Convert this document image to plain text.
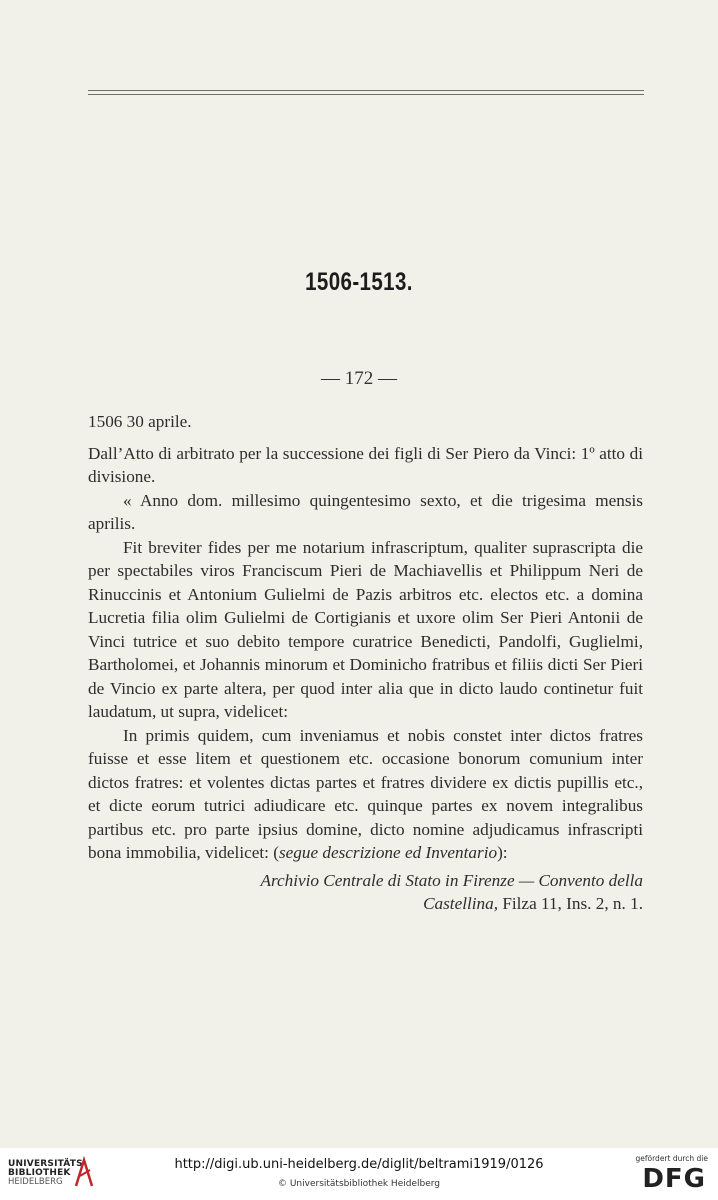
1506-1513.
— 172 —

1506 30 aprile.

Dall’Atto di arbitrato per la successione dei figli di Ser Piero da Vinci: 1º atto di divisione.

« Anno dom. millesimo quingentesimo sexto, et die trigesima mensis aprilis.

Fit breviter fides per me notarium infrascriptum, qualiter suprascripta die per spectabiles viros Franciscum Pieri de Machiavellis et Philippum Neri de Rinuccinis et Antonium Gulielmi de Pazis arbitros etc. electos etc. a domina Lucretia filia olim Gulielmi de Cortigianis et uxore olim Ser Pieri Antonii de Vinci tutrice et suo debito tempore curatrice Benedicti, Pandolfi, Guglielmi, Bartholomei, et Johannis minorum et Dominicho fratribus et filiis dicti Ser Pieri de Vincio ex parte altera, per quod inter alia que in dicto laudo continetur fuit laudatum, ut supra, videlicet:

In primis quidem, cum inveniamus et nobis constet inter dictos fratres fuisse et esse litem et questionem etc. occasione bonorum comunium inter dictos fratres: et volentes dictas partes et fratres dividere ex dictis pupillis etc., et dicte eorum tutrici adiudicare etc. quinque partes ex novem integralibus partibus etc. pro parte ipsius domine, dicto nomine adjudicamus infrascripti bona immobilia, videlicet: (segue descrizione ed Inventario):

Archivio Centrale di Stato in Firenze — Convento della Castellina, Filza 11, Ins. 2, n. 1.

UNIVERSITÄTS-
BIBLIOTHEK
HEIDELBERG
http://digi.ub.uni-heidelberg.de/diglit/beltrami1919/0126
© Universitätsbibliothek Heidelberg
gefördert durch die
DFG
